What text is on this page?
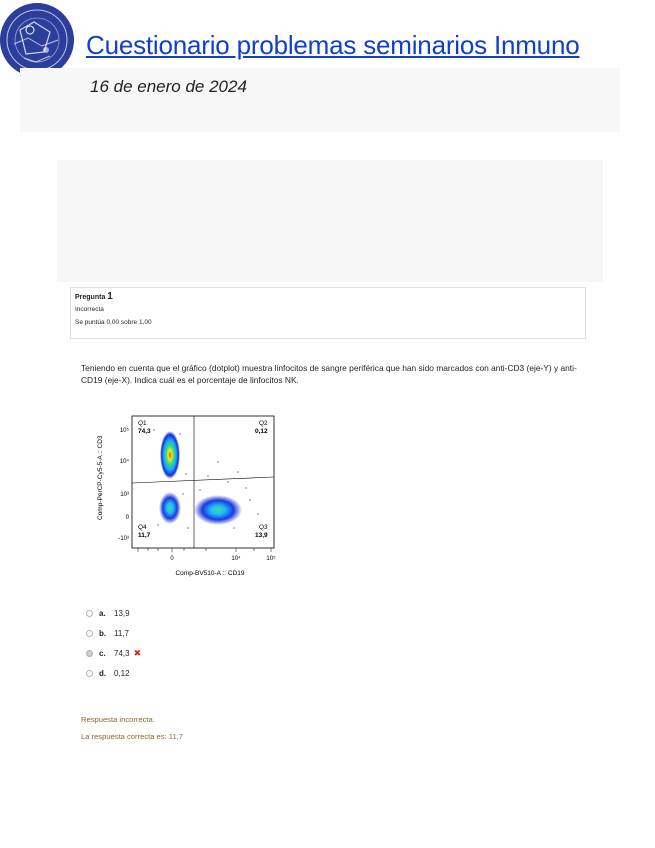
Cuestionario problemas seminarios Inmuno
16 de enero de 2024
Pregunta 1
Incorrecta
Se puntúa 0,00 sobre 1,00
Teniendo en cuenta que el gráfico (dotplot) muestra linfocitos de sangre periférica que han sido marcados con anti-CD3 (eje-Y) y anti-CD19 (eje-X). Indica cuál es el porcentaje de linfocitos NK.
Q1
74,3
Q2
0,12
Q4
11,7
Q3
13,9
10⁵
10⁴
10³
0
-10³
0	10⁴	10⁵
Comp-PerCP-Cy5-5-A :: CD3
Comp-BV510-A :: CD19
a.	13,9
b. 11,7
c.	74,3 ✖
d. 0,12
Respuesta incorrecta.
La respuesta correcta es: 11,7
